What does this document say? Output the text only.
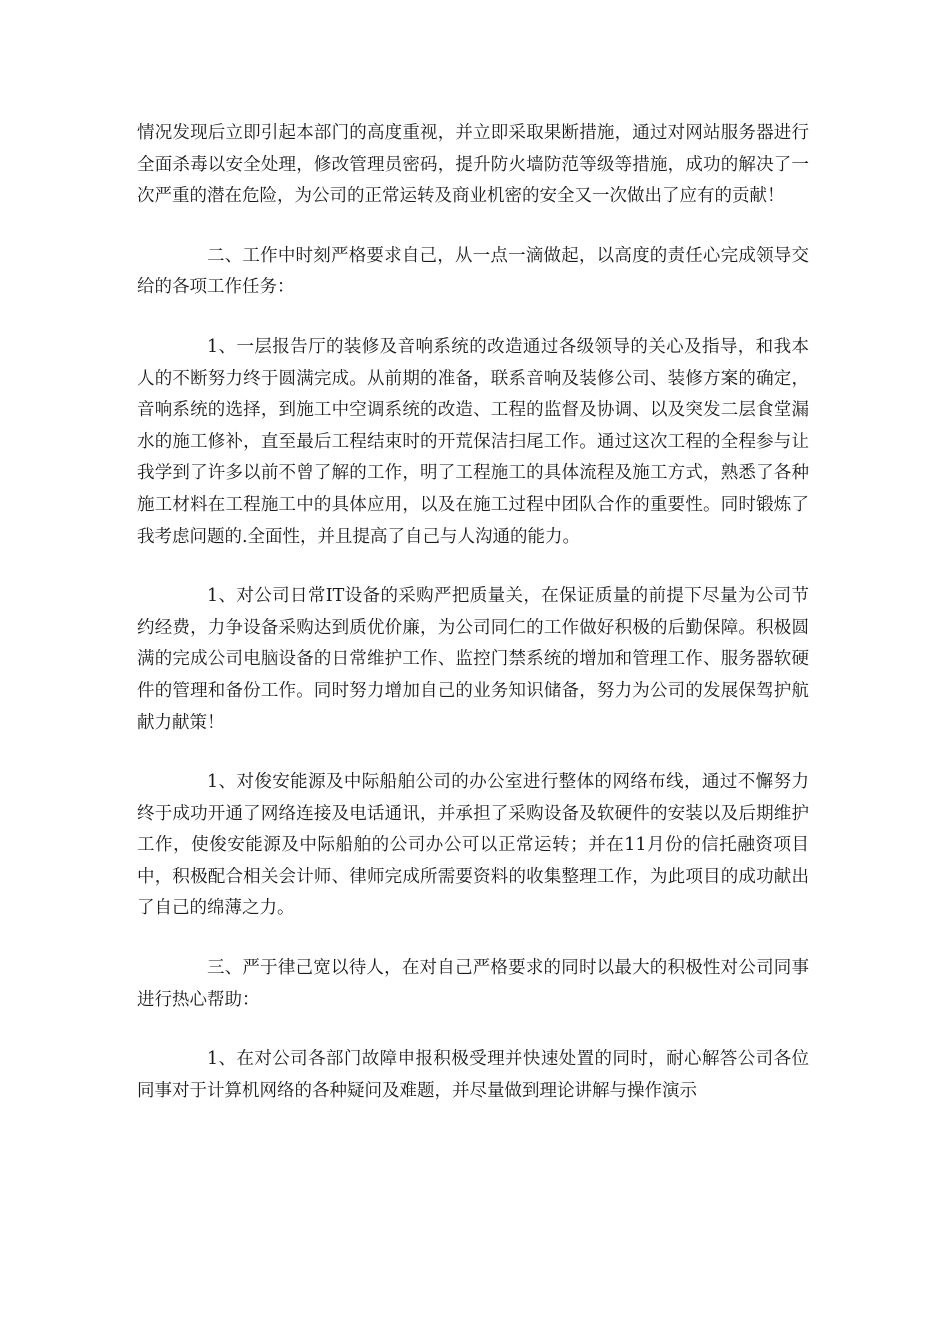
情况发现后立即引起本部门的高度重视，并立即采取果断措施，通过对网站服务器进行全面杀毒以安全处理，修改管理员密码，提升防火墙防范等级等措施，成功的解决了一次严重的潜在危险，为公司的正常运转及商业机密的安全又一次做出了应有的贡献！

二、工作中时刻严格要求自己，从一点一滴做起，以高度的责任心完成领导交给的各项工作任务：

1、一层报告厅的装修及音响系统的改造通过各级领导的关心及指导，和我本人的不断努力终于圆满完成。从前期的准备，联系音响及装修公司、装修方案的确定，音响系统的选择，到施工中空调系统的改造、工程的监督及协调、以及突发二层食堂漏水的施工修补，直至最后工程结束时的开荒保洁扫尾工作。通过这次工程的全程参与让我学到了许多以前不曾了解的工作，明了工程施工的具体流程及施工方式，熟悉了各种施工材料在工程施工中的具体应用，以及在施工过程中团队合作的重要性。同时锻炼了我考虑问题的.全面性，并且提高了自己与人沟通的能力。

1、对公司日常IT设备的采购严把质量关，在保证质量的前提下尽量为公司节约经费，力争设备采购达到质优价廉，为公司同仁的工作做好积极的后勤保障。积极圆满的完成公司电脑设备的日常维护工作、监控门禁系统的增加和管理工作、服务器软硬件的管理和备份工作。同时努力增加自己的业务知识储备，努力为公司的发展保驾护航献力献策！

1、对俊安能源及中际船舶公司的办公室进行整体的网络布线，通过不懈努力终于成功开通了网络连接及电话通讯，并承担了采购设备及软硬件的安装以及后期维护工作，使俊安能源及中际船舶的公司办公可以正常运转；并在11月份的信托融资项目中，积极配合相关会计师、律师完成所需要资料的收集整理工作，为此项目的成功献出了自己的绵薄之力。

三、严于律己宽以待人，在对自己严格要求的同时以最大的积极性对公司同事进行热心帮助：

1、在对公司各部门故障申报积极受理并快速处置的同时，耐心解答公司各位同事对于计算机网络的各种疑问及难题，并尽量做到理论讲解与操作演示
